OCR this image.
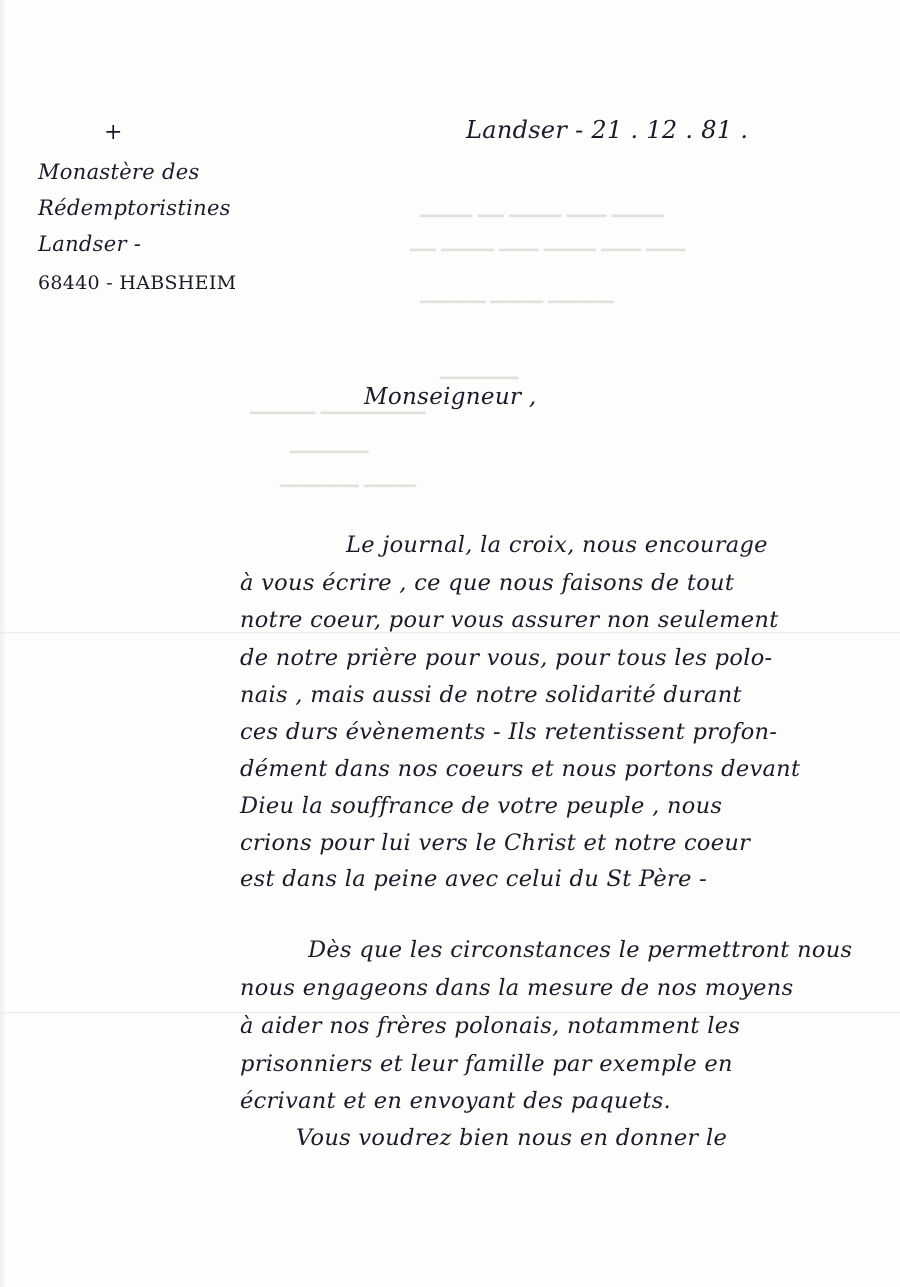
▁▁▁▁ ▁▁▁ ▁▁▁▁ ▁▁ ▁▁▁▁
▁▁▁ ▁▁▁ ▁▁▁▁ ▁▁▁ ▁▁▁▁ ▁▁
▁▁▁▁▁ ▁▁▁▁ ▁▁▁▁▁
▁▁▁▁▁▁
▁▁▁▁▁▁▁▁ ▁▁▁▁▁
▁▁▁▁▁▁
▁▁▁▁ ▁▁▁▁▁▁
+
Monastère des
Rédemptoristines
Landser -
68440 - HABSHEIM
Landser - 21 . 12 . 81 .
Monseigneur ,
Le journal, la croix, nous encourage
à vous écrire , ce que nous faisons de tout
notre coeur, pour vous assurer non seulement
de notre prière pour vous, pour tous les polo-
nais , mais aussi de notre solidarité durant
ces durs évènements - Ils retentissent profon-
dément dans nos coeurs et nous portons devant
Dieu la souffrance de votre peuple , nous
crions pour lui vers le Christ et notre coeur
est dans la peine avec celui du St Père -
Dès que les circonstances le permettront nous
nous engageons dans la mesure de nos moyens
à aider nos frères polonais, notamment les
prisonniers et leur famille par exemple en
écrivant et en envoyant des paquets.
Vous voudrez bien nous en donner le
